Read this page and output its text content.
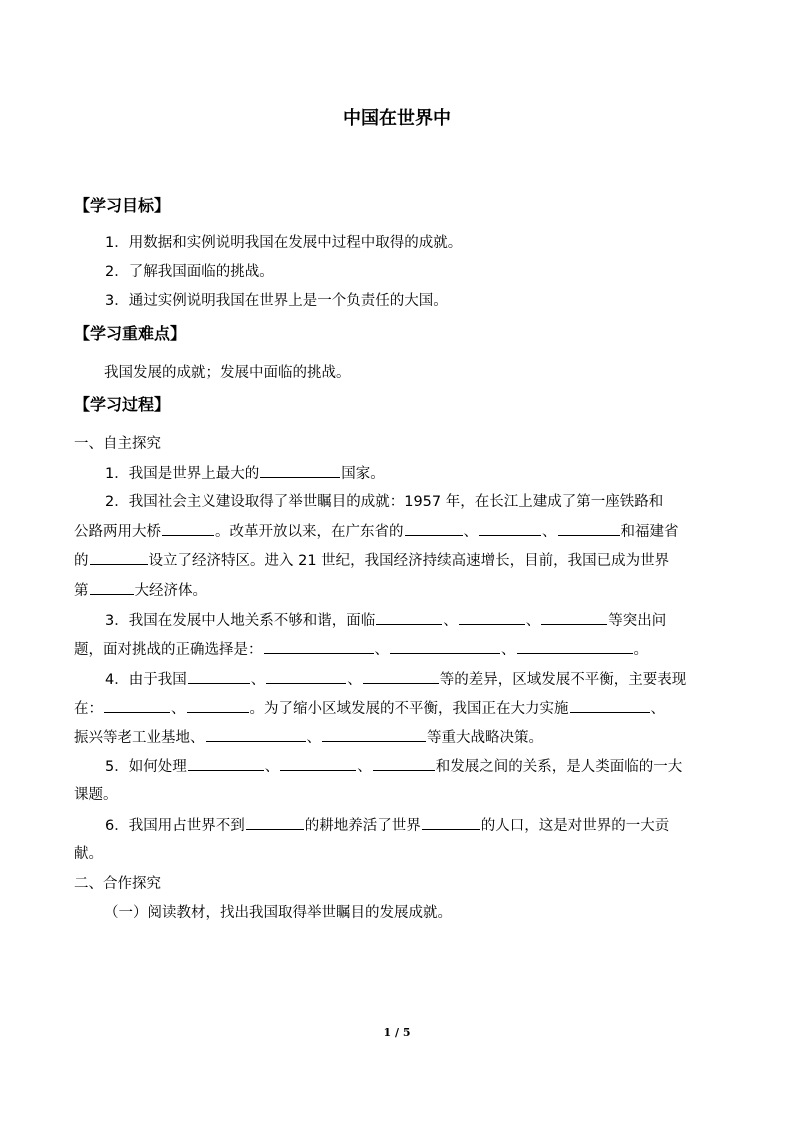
中国在世界中
【学习目标】
1．用数据和实例说明我国在发展中过程中取得的成就。
2．了解我国面临的挑战。
3．通过实例说明我国在世界上是一个负责任的大国。
【学习重难点】
我国发展的成就；发展中面临的挑战。
【学习过程】
一、自主探究
1．我国是世界上最大的	国家。
2．我国社会主义建设取得了举世瞩目的成就：1957 年，在长江上建成了第一座铁路和
公路两用大桥	。改革开放以来，在广东省的	、	、	和福建省
的	设立了经济特区。进入 21 世纪，我国经济持续高速增长，目前，我国已成为世界
第	大经济体。
3．我国在发展中人地关系不够和谐，面临	、	、	等突出问
题，面对挑战的正确选择是：	、	、	。
4．由于我国	、	、	等的差异，区域发展不平衡，主要表现
在：	、	。为了缩小区域发展的不平衡，我国正在大力实施	、
振兴等老工业基地、	、	等重大战略决策。
5．如何处理	、	、	和发展之间的关系，是人类面临的一大
课题。
6．我国用占世界不到	的耕地养活了世界	的人口，这是对世界的一大贡
献。
二、合作探究
（一）阅读教材，找出我国取得举世瞩目的发展成就。
1 / 5
